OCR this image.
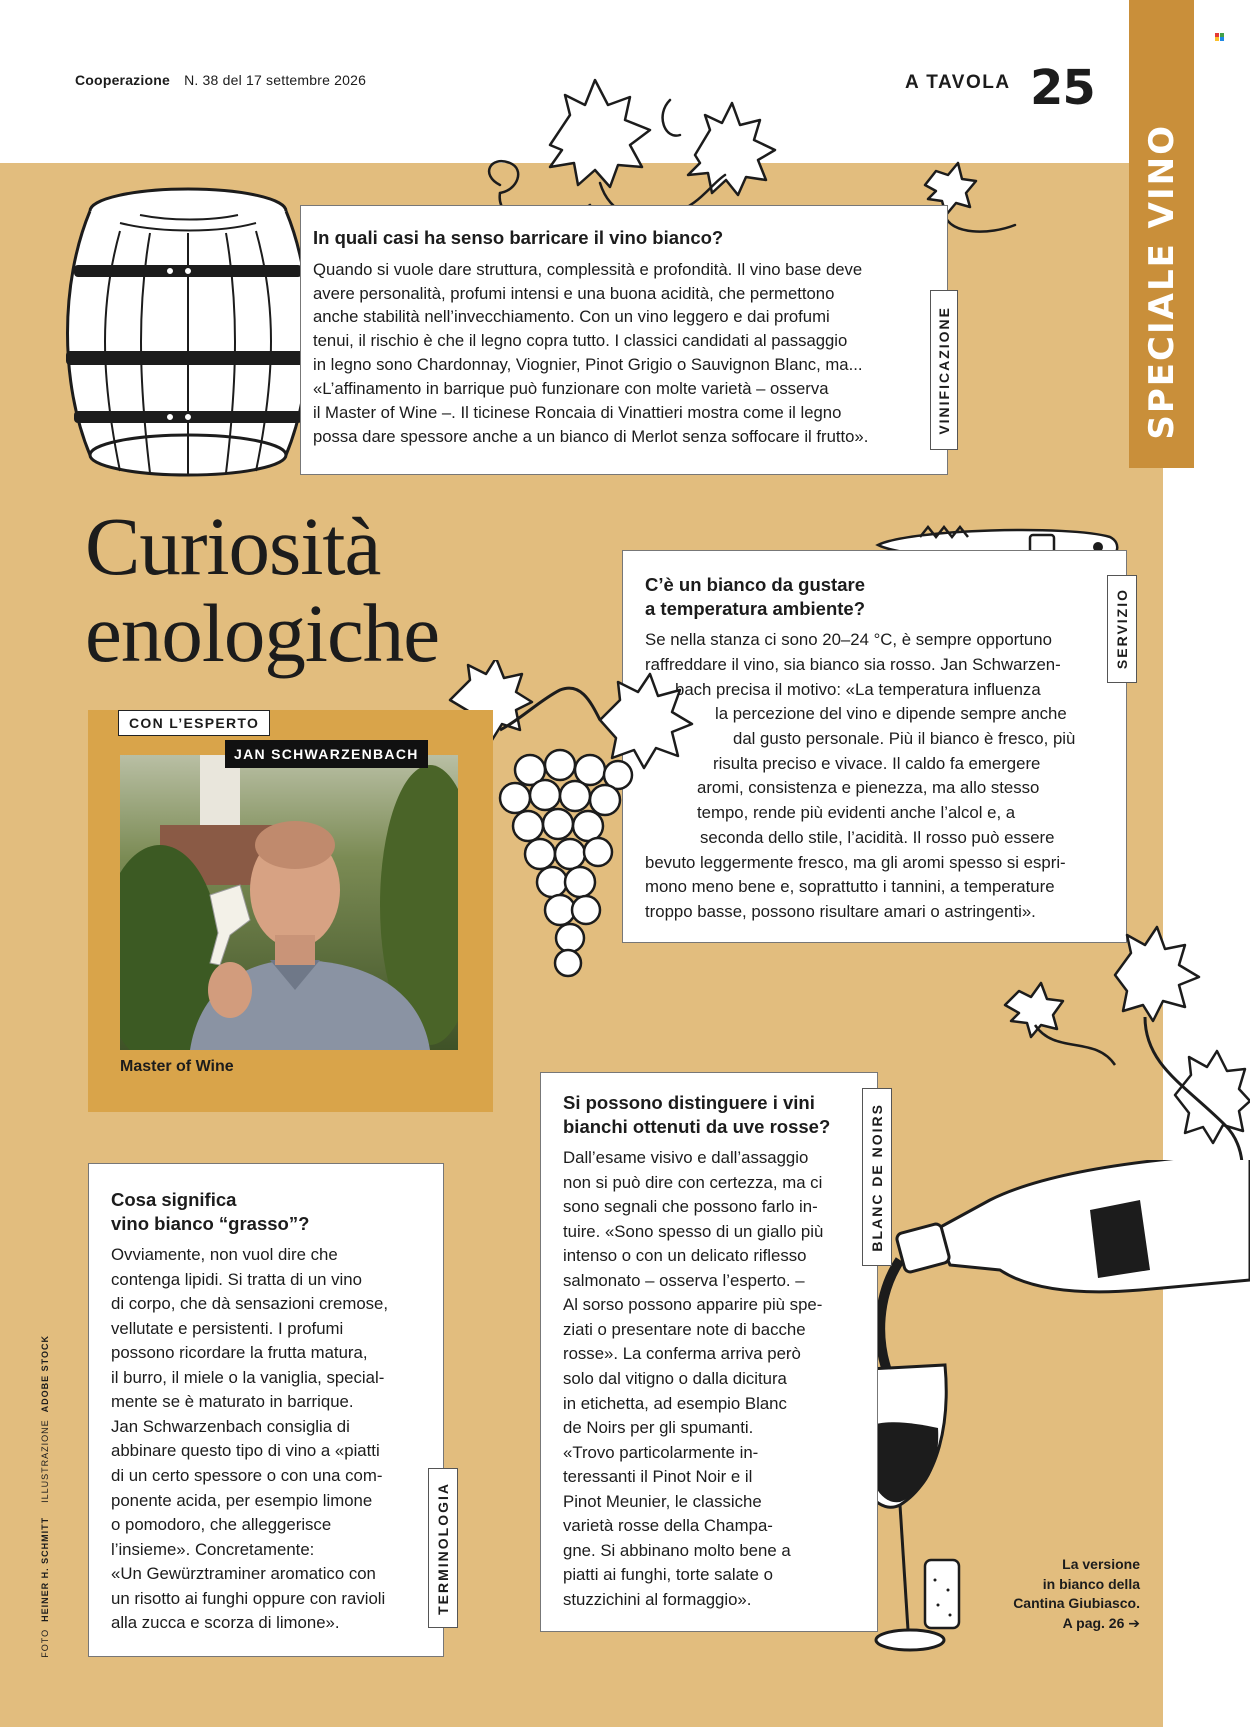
Cooperazione N. 38 del 17 settembre 2026	A TAVOLA 25
SPECIALE VINO
In quali casi ha senso barricare il vino bianco?

Quando si vuole dare struttura, complessità e profondità. Il vino base deve
avere personalità, profumi intensi e una buona acidità, che permettono
anche stabilità nell’invecchiamento. Con un vino leggero e dai profumi
tenui, il rischio è che il legno copra tutto. I classici candidati al passaggio
in legno sono Chardonnay, Viognier, Pinot Grigio o Sauvignon Blanc, ma...
«L’affinamento in barrique può funzionare con molte varietà – osserva
il Master of Wine –. Il ticinese Roncaia di Vinattieri mostra come il legno
possa dare spessore anche a un bianco di Merlot senza soffocare il frutto».

VINIFICAZIONE
Curiosità
enologiche
C’è un bianco da gustare
a temperatura ambiente?

Se nella stanza ci sono 20–24 °C, è sempre opportuno
raffreddare il vino, sia bianco sia rosso. Jan Schwarzen-
bach precisa il motivo: «La temperatura influenza
la percezione del vino e dipende sempre anche
dal gusto personale. Più il bianco è fresco, più
risulta preciso e vivace. Il caldo fa emergere
aromi, consistenza e pienezza, ma allo stesso
tempo, rende più evidenti anche l’alcol e, a
seconda dello stile, l’acidità. Il rosso può essere
bevuto leggermente fresco, ma gli aromi spesso si espri-
mono meno bene e, soprattutto i tannini, a temperature
troppo basse, possono risultare amari o astringenti».

SERVIZIO
CON L’ESPERTO
JAN SCHWARZENBACH
Master of Wine
Si possono distinguere i vini
bianchi ottenuti da uve rosse?

Dall’esame visivo e dall’assaggio
non si può dire con certezza, ma ci
sono segnali che possono farlo in-
tuire. «Sono spesso di un giallo più
intenso o con un delicato riflesso
salmonato – osserva l’esperto. –
Al sorso possono apparire più spe-
ziati o presentare note di bacche
rosse». La conferma arriva però
solo dal vitigno o dalla dicitura
in etichetta, ad esempio Blanc
de Noirs per gli spumanti.
«Trovo particolarmente in-
teressanti il Pinot Noir e il
Pinot Meunier, le classiche
varietà rosse della Champa-
gne. Si abbinano molto bene a
piatti ai funghi, torte salate o
stuzzichini al formaggio».

BLANC DE NOIRS
Cosa significa
vino bianco “grasso”?

Ovviamente, non vuol dire che
contenga lipidi. Si tratta di un vino
di corpo, che dà sensazioni cremose,
vellutate e persistenti. I profumi
possono ricordare la frutta matura,
il burro, il miele o la vaniglia, special-
mente se è maturato in barrique.
Jan Schwarzenbach consiglia di
abbinare questo tipo di vino a «piatti
di un certo spessore o con una com-
ponente acida, per esempio limone
o pomodoro, che alleggerisce
l’insieme». Concretamente:
«Un Gewürztraminer aromatico con
un risotto ai funghi oppure con ravioli
alla zucca e scorza di limone».

TERMINOLOGIA
FOTO  HEINER H. SCHMITT    ILLUSTRAZIONE  ADOBE STOCK
La versione
in bianco della
Cantina Giubiasco.
A pag. 26 ➔
